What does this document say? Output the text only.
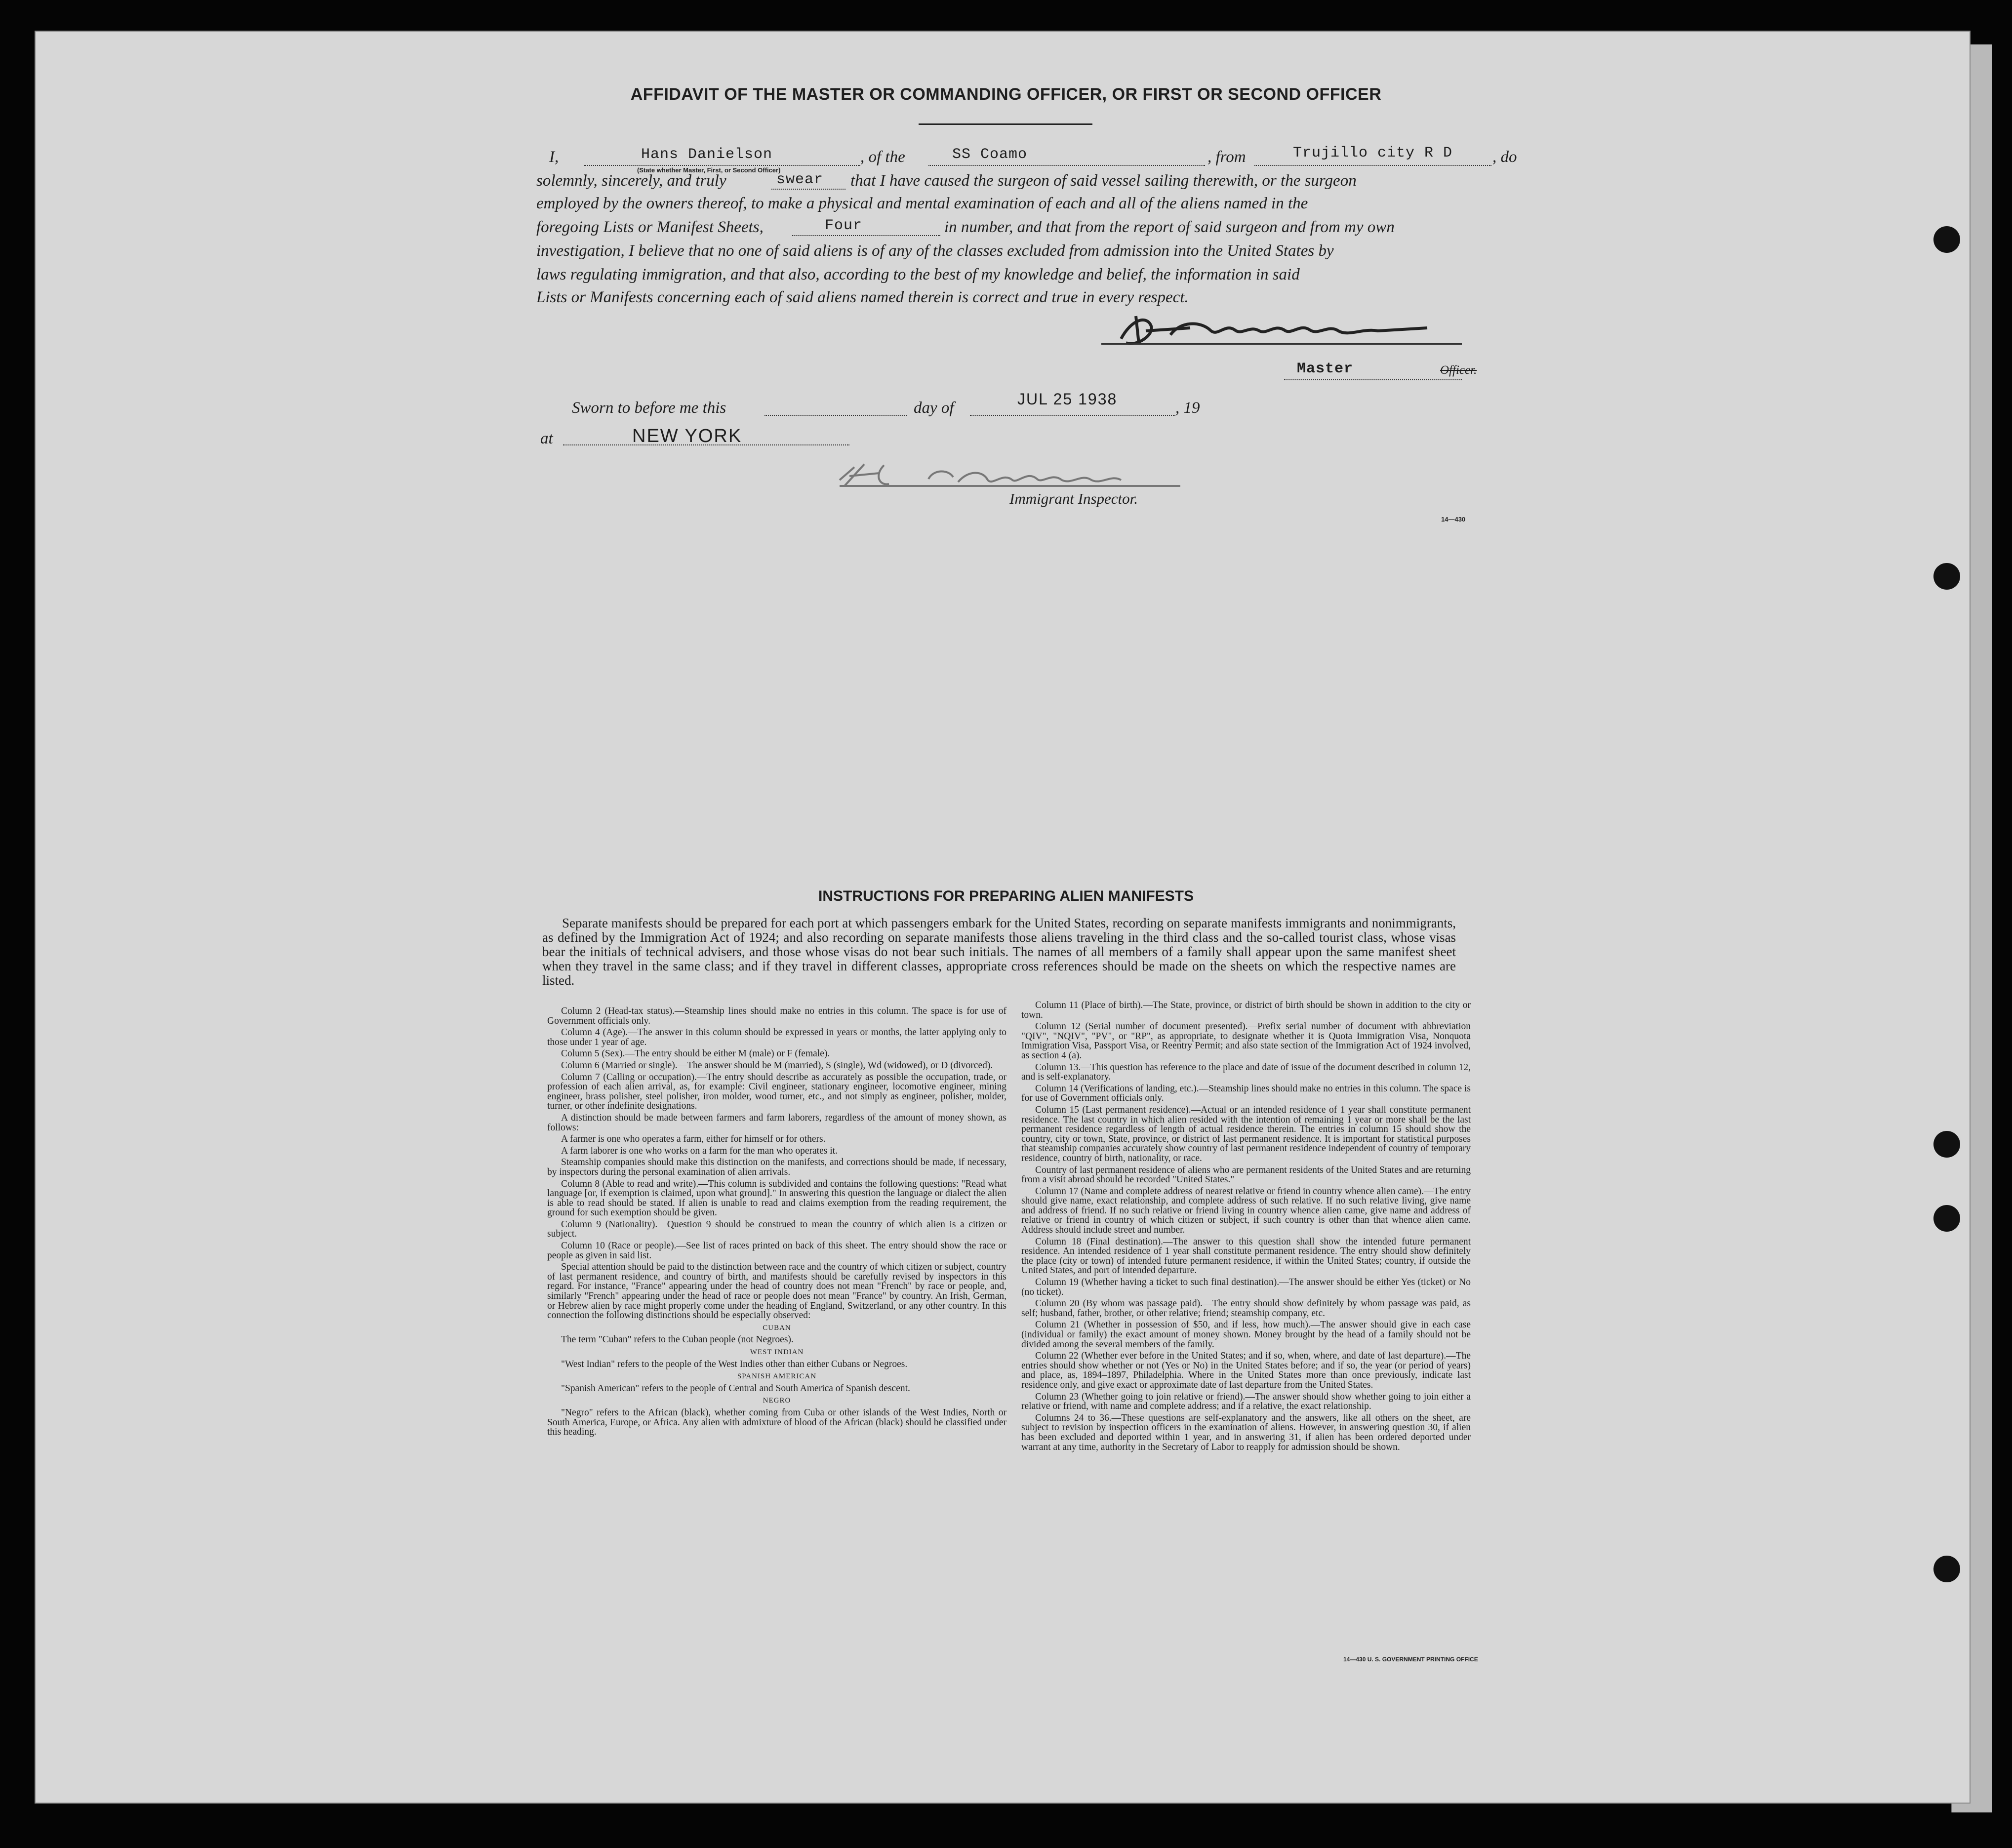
AFFIDAVIT OF THE MASTER OR COMMANDING OFFICER, OR FIRST OR SECOND OFFICER
I,	Hans Danielson
(State whether Master, First, or Second Officer)
, of the	SS Coamo	, from	Trujillo city R D , do
solemnly, sincerely, and truly	swear that I have caused the surgeon of said vessel sailing therewith, or the surgeon
employed by the owners thereof, to make a physical and mental examination of each and all of the aliens named in the
foregoing Lists or Manifest Sheets,	Four	in number, and that from the report of said surgeon and from my own
investigation, I believe that no one of said aliens is of any of the classes excluded from admission into the United States by
laws regulating immigration, and that also, according to the best of my knowledge and belief, the information in said
Lists or Manifests concerning each of said aliens named therein is correct and true in every respect.
Master	Officer.
Sworn to before me this	day of	JUL 25 1938	, 19
at	NEW YORK
Immigrant Inspector.
14—430
INSTRUCTIONS FOR PREPARING ALIEN MANIFESTS

Separate manifests should be prepared for each port at which passengers embark for the United States, recording on separate manifests immigrants and nonimmigrants, as defined by the Immigration Act of 1924; and also recording on separate manifests those aliens traveling in the third class and the so-called tourist class, whose visas bear the initials of technical advisers, and those whose visas do not bear such initials. The names of all members of a family shall appear upon the same manifest sheet when they travel in the same class; and if they travel in different classes, appropriate cross references should be made on the sheets on which the respective names are listed.

Column 2 (Head-tax status).—Steamship lines should make no entries in this column. The space is for use of Government officials only.

Column 4 (Age).—The answer in this column should be expressed in years or months, the latter applying only to those under 1 year of age.

Column 5 (Sex).—The entry should be either M (male) or F (female).

Column 6 (Married or single).—The answer should be M (married), S (single), Wd (widowed), or D (divorced).

Column 7 (Calling or occupation).—The entry should describe as accurately as possible the occupation, trade, or profession of each alien arrival, as, for example: Civil engineer, stationary engineer, locomotive engineer, mining engineer, brass polisher, steel polisher, iron molder, wood turner, etc., and not simply as engineer, polisher, molder, turner, or other indefinite designations.

A distinction should be made between farmers and farm laborers, regardless of the amount of money shown, as follows:

A farmer is one who operates a farm, either for himself or for others.

A farm laborer is one who works on a farm for the man who operates it.

Steamship companies should make this distinction on the manifests, and corrections should be made, if necessary, by inspectors during the personal examination of alien arrivals.

Column 8 (Able to read and write).—This column is subdivided and contains the following questions: "Read what language [or, if exemption is claimed, upon what ground]." In answering this question the language or dialect the alien is able to read should be stated. If alien is unable to read and claims exemption from the reading requirement, the ground for such exemption should be given.

Column 9 (Nationality).—Question 9 should be construed to mean the country of which alien is a citizen or subject.

Column 10 (Race or people).—See list of races printed on back of this sheet. The entry should show the race or people as given in said list.

Special attention should be paid to the distinction between race and the country of which citizen or subject, country of last permanent residence, and country of birth, and manifests should be carefully revised by inspectors in this regard. For instance, "France" appearing under the head of country does not mean "French" by race or people, and, similarly "French" appearing under the head of race or people does not mean "France" by country. An Irish, German, or Hebrew alien by race might properly come under the heading of England, Switzerland, or any other country. In this connection the following distinctions should be especially observed:

CUBAN

The term "Cuban" refers to the Cuban people (not Negroes).

WEST INDIAN

"West Indian" refers to the people of the West Indies other than either Cubans or Negroes.

SPANISH AMERICAN

"Spanish American" refers to the people of Central and South America of Spanish descent.

NEGRO

"Negro" refers to the African (black), whether coming from Cuba or other islands of the West Indies, North or South America, Europe, or Africa. Any alien with admixture of blood of the African (black) should be classified under this heading.

Column 11 (Place of birth).—The State, province, or district of birth should be shown in addition to the city or town.

Column 12 (Serial number of document presented).—Prefix serial number of document with abbreviation "QIV", "NQIV", "PV", or "RP", as appropriate, to designate whether it is Quota Immigration Visa, Nonquota Immigration Visa, Passport Visa, or Reentry Permit; and also state section of the Immigration Act of 1924 involved, as section 4 (a).

Column 13.—This question has reference to the place and date of issue of the document described in column 12, and is self-explanatory.

Column 14 (Verifications of landing, etc.).—Steamship lines should make no entries in this column. The space is for use of Government officials only.

Column 15 (Last permanent residence).—Actual or an intended residence of 1 year shall constitute permanent residence. The last country in which alien resided with the intention of remaining 1 year or more shall be the last permanent residence regardless of length of actual residence therein. The entries in column 15 should show the country, city or town, State, province, or district of last permanent residence. It is important for statistical purposes that steamship companies accurately show country of last permanent residence independent of country of temporary residence, country of birth, nationality, or race.

Country of last permanent residence of aliens who are permanent residents of the United States and are returning from a visit abroad should be recorded "United States."

Column 17 (Name and complete address of nearest relative or friend in country whence alien came).—The entry should give name, exact relationship, and complete address of such relative. If no such relative living, give name and address of friend. If no such relative or friend living in country whence alien came, give name and address of relative or friend in country of which citizen or subject, if such country is other than that whence alien came. Address should include street and number.

Column 18 (Final destination).—The answer to this question shall show the intended future permanent residence. An intended residence of 1 year shall constitute permanent residence. The entry should show definitely the place (city or town) of intended future permanent residence, if within the United States; country, if outside the United States, and port of intended departure.

Column 19 (Whether having a ticket to such final destination).—The answer should be either Yes (ticket) or No (no ticket).

Column 20 (By whom was passage paid).—The entry should show definitely by whom passage was paid, as self; husband, father, brother, or other relative; friend; steamship company, etc.

Column 21 (Whether in possession of $50, and if less, how much).—The answer should give in each case (individual or family) the exact amount of money shown. Money brought by the head of a family should not be divided among the several members of the family.

Column 22 (Whether ever before in the United States; and if so, when, where, and date of last departure).—The entries should show whether or not (Yes or No) in the United States before; and if so, the year (or period of years) and place, as, 1894–1897, Philadelphia. Where in the United States more than once previously, indicate last residence only, and give exact or approximate date of last departure from the United States.

Column 23 (Whether going to join relative or friend).—The answer should show whether going to join either a relative or friend, with name and complete address; and if a relative, the exact relationship.

Columns 24 to 36.—These questions are self-explanatory and the answers, like all others on the sheet, are subject to revision by inspection officers in the examination of aliens. However, in answering question 30, if alien has been excluded and deported within 1 year, and in answering 31, if alien has been ordered deported under warrant at any time, authority in the Secretary of Labor to reapply for admission should be shown.

14—430 U. S. GOVERNMENT PRINTING OFFICE
